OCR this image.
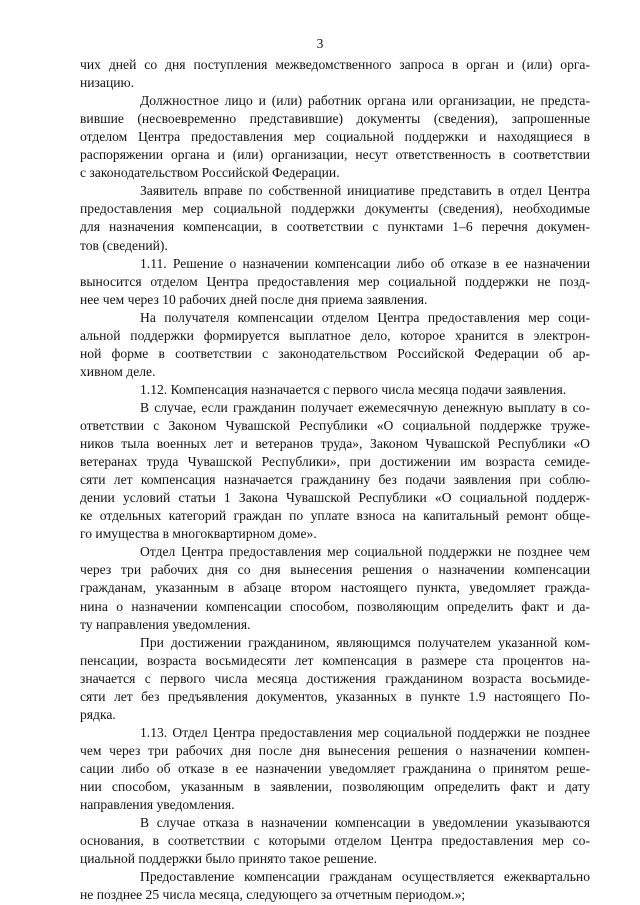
3
чих дней со дня поступления межведомственного запроса в орган и (или) орга-
низацию.
Должностное лицо и (или) работник органа или организации, не предста-
вившие (несвоевременно представившие) документы (сведения), запрошенные
отделом Центра предоставления мер социальной поддержки и находящиеся в
распоряжении органа и (или) организации, несут ответственность в соответствии
с законодательством Российской Федерации.
Заявитель вправе по собственной инициативе представить в отдел Центра
предоставления мер социальной поддержки документы (сведения), необходимые
для назначения компенсации, в соответствии с пунктами 1–6 перечня докумен-
тов (сведений).
1.11. Решение о назначении компенсации либо об отказе в ее назначении
выносится отделом Центра предоставления мер социальной поддержки не позд-
нее чем через 10 рабочих дней после дня приема заявления.
На получателя компенсации отделом Центра предоставления мер соци-
альной поддержки формируется выплатное дело, которое хранится в электрон-
ной форме в соответствии с законодательством Российской Федерации об ар-
хивном деле.
1.12. Компенсация назначается с первого числа месяца подачи заявления.
В случае, если гражданин получает ежемесячную денежную выплату в со-
ответствии с Законом Чувашской Республики «О социальной поддержке труже-
ников тыла военных лет и ветеранов труда», Законом Чувашской Республики «О
ветеранах труда Чувашской Республики», при достижении им возраста семиде-
сяти лет компенсация назначается гражданину без подачи заявления при соблю-
дении условий статьи 1 Закона Чувашской Республики «О социальной поддерж-
ке отдельных категорий граждан по уплате взноса на капитальный ремонт обще-
го имущества в многоквартирном доме».
Отдел Центра предоставления мер социальной поддержки не позднее чем
через три рабочих дня со дня вынесения решения о назначении компенсации
гражданам, указанным в абзаце втором настоящего пункта, уведомляет гражда-
нина о назначении компенсации способом, позволяющим определить факт и да-
ту направления уведомления.
При достижении гражданином, являющимся получателем указанной ком-
пенсации, возраста восьмидесяти лет компенсация в размере ста процентов на-
значается с первого числа месяца достижения гражданином возраста восьмиде-
сяти лет без предъявления документов, указанных в пункте 1.9 настоящего По-
рядка.
1.13. Отдел Центра предоставления мер социальной поддержки не позднее
чем через три рабочих дня после дня вынесения решения о назначении компен-
сации либо об отказе в ее назначении уведомляет гражданина о принятом реше-
нии способом, указанным в заявлении, позволяющим определить факт и дату
направления уведомления.
В случае отказа в назначении компенсации в уведомлении указываются
основания, в соответствии с которыми отделом Центра предоставления мер со-
циальной поддержки было принято такое решение.
Предоставление компенсации гражданам осуществляется ежеквартально
не позднее 25 числа месяца, следующего за отчетным периодом.»;
